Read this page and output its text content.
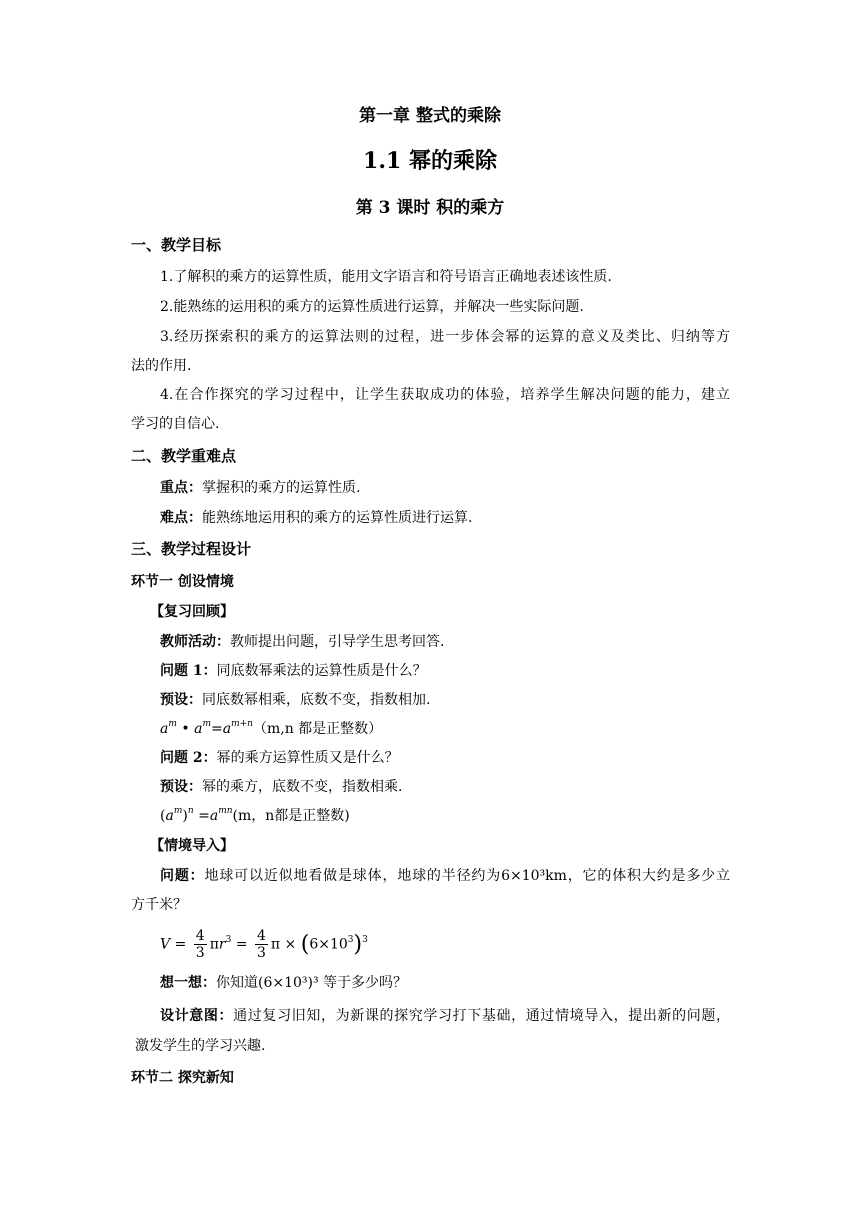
第一章 整式的乘除
1.1 幂的乘除
第 3 课时 积的乘方
一、教学目标
1.了解积的乘方的运算性质，能用文字语言和符号语言正确地表述该性质.
2.能熟练的运用积的乘方的运算性质进行运算，并解决一些实际问题.
3.经历探索积的乘方的运算法则的过程，进一步体会幂的运算的意义及类比、归纳等方
法的作用.
4.在合作探究的学习过程中，让学生获取成功的体验，培养学生解决问题的能力，建立
学习的自信心.
二、教学重难点
重点：掌握积的乘方的运算性质.
难点：能熟练地运用积的乘方的运算性质进行运算.
三、教学过程设计
环节一 创设情境
【复习回顾】
教师活动：教师提出问题，引导学生思考回答.
问题 1：同底数幂乘法的运算性质是什么？
预设：同底数幂相乘，底数不变，指数相加.
$a^m$ • $a^m=a^{m+n}(m,n$ 都是正整数）
问题 2：幂的乘方运算性质又是什么？
预设：幂的乘方，底数不变，指数相乘.
$(a^m)^n =a^{mn}(m$，n都是正整数)
【情境导入】
问题：地球可以近似地看做是球体，地球的半径约为6×10³km，它的体积大约是多少立
方千米？
$V = \frac{4}{3} \pi r^3 = \frac{4}{3}$ $\pi \times (6\times 10^3)^3$
想一想：你知道(6×10³)³ 等于多少吗？
设计意图：通过复习旧知，为新课的探究学习打下基础，通过情境导入，提出新的问题，
激发学生的学习兴趣.
环节二 探究新知
